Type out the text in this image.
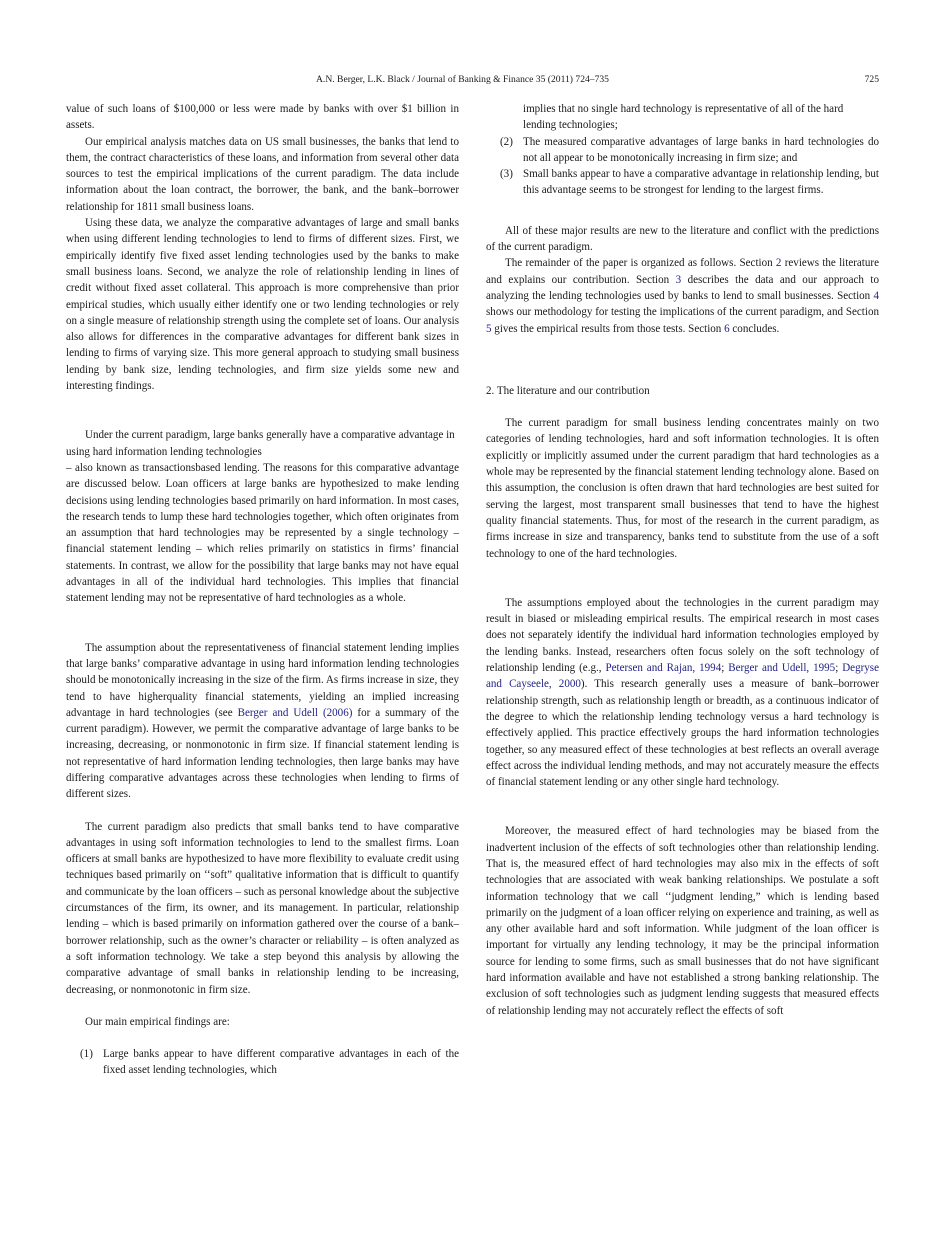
A.N. Berger, L.K. Black / Journal of Banking & Finance 35 (2011) 724–735	725

value of such loans of $100,000 or less were made by banks with over $1 billion in assets.

Our empirical analysis matches data on US small businesses, the banks that lend to them, the contract characteristics of these loans, and information from several other data sources to test the empirical implications of the current paradigm. The data include information about the loan contract, the borrower, the bank, and the bank–borrower relationship for 1811 small business loans.

Using these data, we analyze the comparative advantages of large and small banks when using different lending technologies to lend to firms of different sizes. First, we empirically identify five fixed asset lending technologies used by the banks to make small business loans. Second, we analyze the role of relationship lending in lines of credit without fixed asset collateral. This approach is more comprehensive than prior empirical studies, which usually either identify one or two lending technologies or rely on a single measure of relationship strength using the complete set of loans. Our analysis also allows for differences in the comparative advantages for different bank sizes in lending to firms of varying size. This more general approach to studying small business lending by bank size, lending technologies, and firm size yields some new and interesting findings.

Under the current paradigm, large banks generally have a comparative advantage in using hard information lending technologies

– also known as transactionsbased lending. The reasons for this comparative advantage are discussed below. Loan officers at large banks are hypothesized to make lending decisions using lending technologies based primarily on hard information. In most cases, the research tends to lump these hard technologies together, which often originates from an assumption that hard technologies may be represented by a single technology – financial statement lending – which relies primarily on statistics in firms’ financial statements. In contrast, we allow for the possibility that large banks may not have equal advantages in all of the individual hard technologies. This implies that financial statement lending may not be representative of hard technologies as a whole.

The assumption about the representativeness of financial statement lending implies that large banks’ comparative advantage in using hard information lending technologies should be monotonically increasing in the size of the firm. As firms increase in size, they tend to have higherquality financial statements, yielding an implied increasing advantage in hard technologies (see Berger and Udell (2006) for a summary of the current paradigm). However, we permit the comparative advantage of large banks to be increasing, decreasing, or nonmonotonic in firm size. If financial statement lending is not representative of hard information lending technologies, then large banks may have differing comparative advantages across these technologies when lending to firms of different sizes.

The current paradigm also predicts that small banks tend to have comparative advantages in using soft information technologies to lend to the smallest firms. Loan officers at small banks are hypothesized to have more flexibility to evaluate credit using techniques based primarily on ‘‘soft” qualitative information that is difficult to quantify and communicate by the loan officers – such as personal knowledge about the subjective circumstances of the firm, its owner, and its management. In particular, relationship lending – which is based primarily on information gathered over the course of a bank–borrower relationship, such as the owner’s character or reliability – is often analyzed as a soft information technology. We take a step beyond this analysis by allowing the comparative advantage of small banks in relationship lending to be increasing, decreasing, or nonmonotonic in firm size.

Our main empirical findings are:

(1) Large banks appear to have different comparative advantages in each of the fixed asset lending technologies, which

implies that no single hard technology is representative of all of the hard lending technologies;

(2) The measured comparative advantages of large banks in hard technologies do not all appear to be monotonically increasing in firm size; and
(3) Small banks appear to have a comparative advantage in relationship lending, but this advantage seems to be strongest for lending to the largest firms.

All of these major results are new to the literature and conflict with the predictions of the current paradigm.

The remainder of the paper is organized as follows. Section 2 reviews the literature and explains our contribution. Section 3 describes the data and our approach to analyzing the lending technologies used by banks to lend to small businesses. Section 4 shows our methodology for testing the implications of the current paradigm, and Section 5 gives the empirical results from those tests. Section 6 concludes.

2. The literature and our contribution

The current paradigm for small business lending concentrates mainly on two categories of lending technologies, hard and soft information technologies. It is often explicitly or implicitly assumed under the current paradigm that hard technologies as a whole may be represented by the financial statement lending technology alone. Based on this assumption, the conclusion is often drawn that hard technologies are best suited for serving the largest, most transparent small businesses that tend to have the highest quality financial statements. Thus, for most of the research in the current paradigm, as firms increase in size and transparency, banks tend to substitute from the use of a soft technology to one of the hard technologies.

The assumptions employed about the technologies in the current paradigm may result in biased or misleading empirical results. The empirical research in most cases does not separately identify the individual hard information technologies employed by the lending banks. Instead, researchers often focus solely on the soft technology of relationship lending (e.g., Petersen and Rajan, 1994; Berger and Udell, 1995; Degryse and Cayseele, 2000). This research generally uses a measure of bank–borrower relationship strength, such as relationship length or breadth, as a continuous indicator of the degree to which the relationship lending technology versus a hard technology is effectively applied. This practice effectively groups the hard information technologies together, so any measured effect of these technologies at best reflects an overall average effect across the individual lending methods, and may not accurately measure the effects of financial statement lending or any other single hard technology.

Moreover, the measured effect of hard technologies may be biased from the inadvertent inclusion of the effects of soft technologies other than relationship lending. That is, the measured effect of hard technologies may also mix in the effects of soft technologies that are associated with weak banking relationships. We postulate a soft information technology that we call ‘‘judgment lending,” which is lending based primarily on the judgment of a loan officer relying on experience and training, as well as any other available hard and soft information. While judgment of the loan officer is important for virtually any lending technology, it may be the principal information source for lending to some firms, such as small businesses that do not have significant hard information available and have not established a strong banking relationship. The exclusion of soft technologies such as judgment lending suggests that measured effects of relationship lending may not accurately reflect the effects of soft
